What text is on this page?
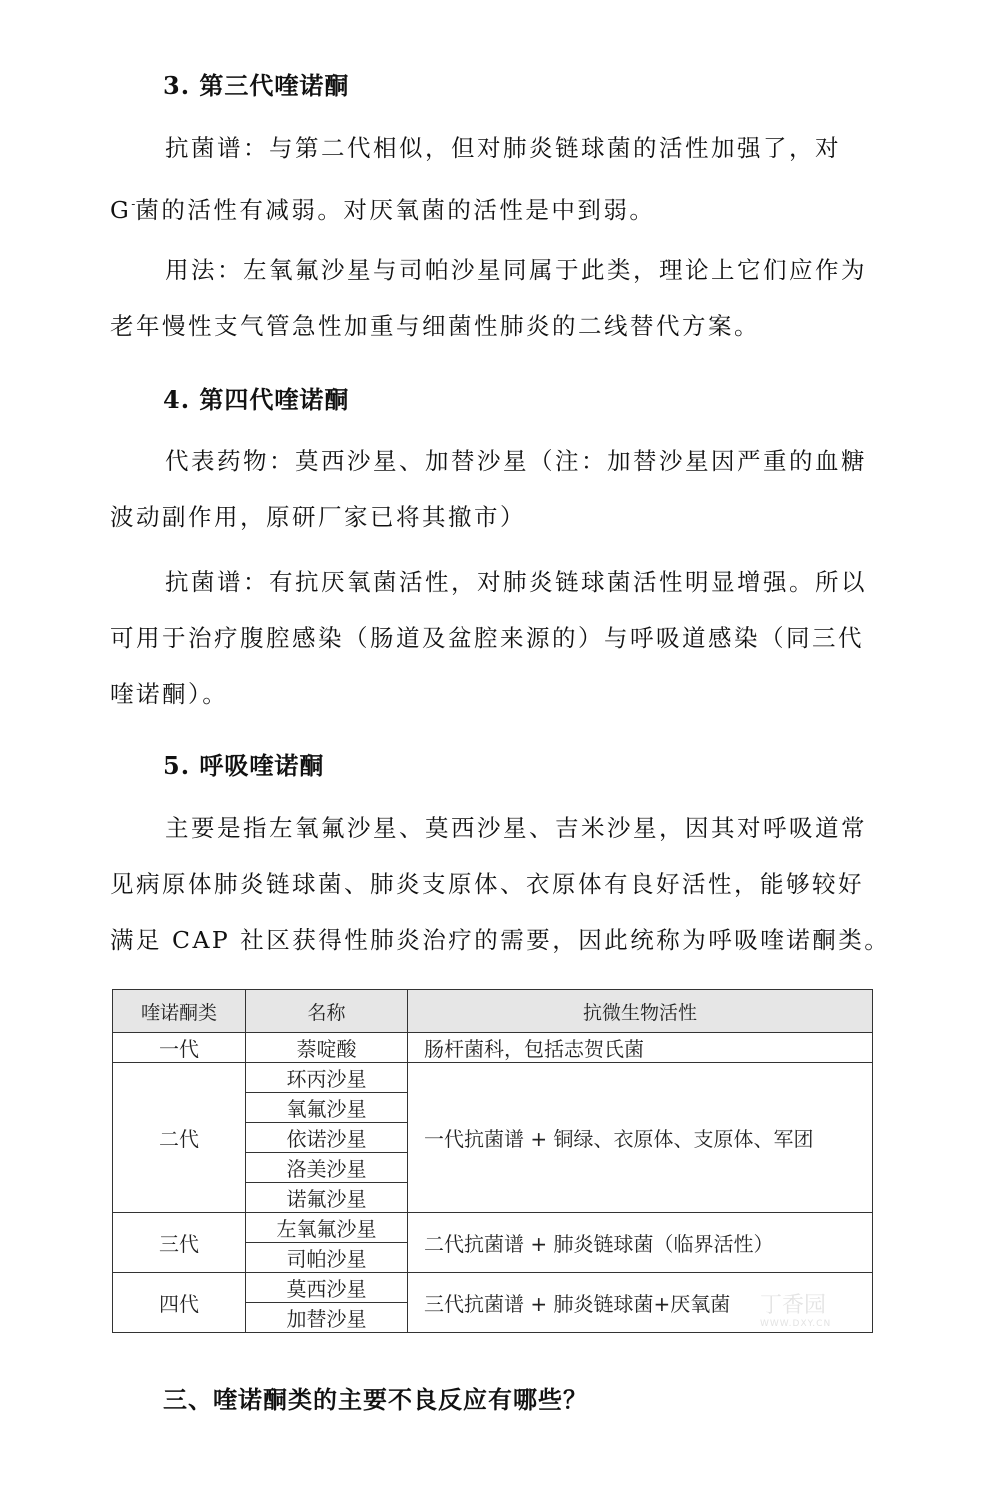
3. 第三代喹诺酮
抗菌谱：与第二代相似，但对肺炎链球菌的活性加强了，对
G-菌的活性有减弱。对厌氧菌的活性是中到弱。
用法：左氧氟沙星与司帕沙星同属于此类，理论上它们应作为
老年慢性支气管急性加重与细菌性肺炎的二线替代方案。
4. 第四代喹诺酮
代表药物：莫西沙星、加替沙星（注：加替沙星因严重的血糖
波动副作用，原研厂家已将其撤市）
抗菌谱：有抗厌氧菌活性，对肺炎链球菌活性明显增强。所以
可用于治疗腹腔感染（肠道及盆腔来源的）与呼吸道感染（同三代
喹诺酮）。
5. 呼吸喹诺酮
主要是指左氧氟沙星、莫西沙星、吉米沙星，因其对呼吸道常
见病原体肺炎链球菌、肺炎支原体、衣原体有良好活性，能够较好
满足 CAP 社区获得性肺炎治疗的需要，因此统称为呼吸喹诺酮类。
喹诺酮类	名称	抗微生物活性
一代	萘啶酸	肠杆菌科，包括志贺氏菌
二代	环丙沙星	一代抗菌谱 + 铜绿、衣原体、支原体、军团
	氧氟沙星	
	依诺沙星	
	洛美沙星	
	诺氟沙星	
三代	左氧氟沙星	二代抗菌谱 + 肺炎链球菌（临界活性）
	司帕沙星	
四代	莫西沙星	三代抗菌谱 + 肺炎链球菌+厌氧菌
	加替沙星	
丁香园
WWW.DXY.CN
三、喹诺酮类的主要不良反应有哪些？
